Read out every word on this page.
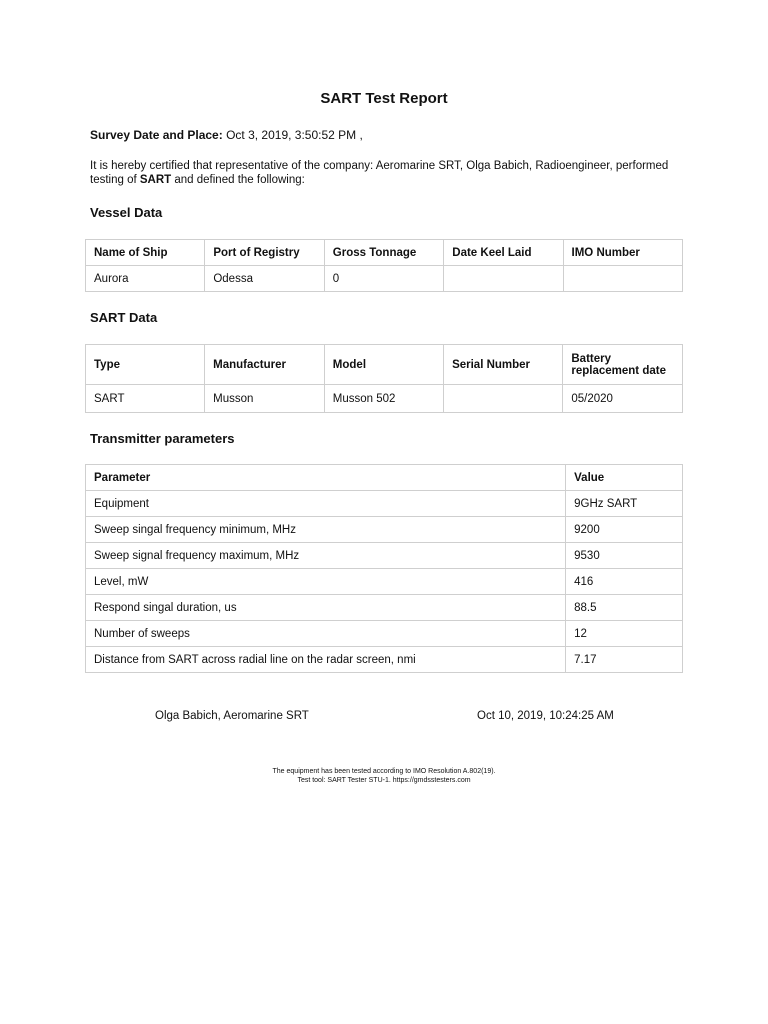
SART Test Report
Survey Date and Place: Oct 3, 2019, 3:50:52 PM ,
It is hereby certified that representative of the company: Aeromarine SRT, Olga Babich, Radioengineer, performed testing of SART and defined the following:
Vessel Data
Name of Ship	Port of Registry	Gross Tonnage	Date Keel Laid	IMO Number
Aurora	Odessa	0		
SART Data
Type	Manufacturer	Model	Serial Number	Battery replacement date
SART	Musson	Musson 502		05/2020
Transmitter parameters
Parameter	Value
Equipment	9GHz SART
Sweep singal frequency minimum, MHz	9200
Sweep signal frequency maximum, MHz	9530
Level, mW	416
Respond singal duration, us	88.5
Number of sweeps	12
Distance from SART across radial line on the radar screen, nmi	7.17
Olga Babich, Aeromarine SRT	Oct 10, 2019, 10:24:25 AM
The equipment has been tested according to IMO Resolution A.802(19).
Test tool: SART Tester STU-1. https://gmdsstesters.com
